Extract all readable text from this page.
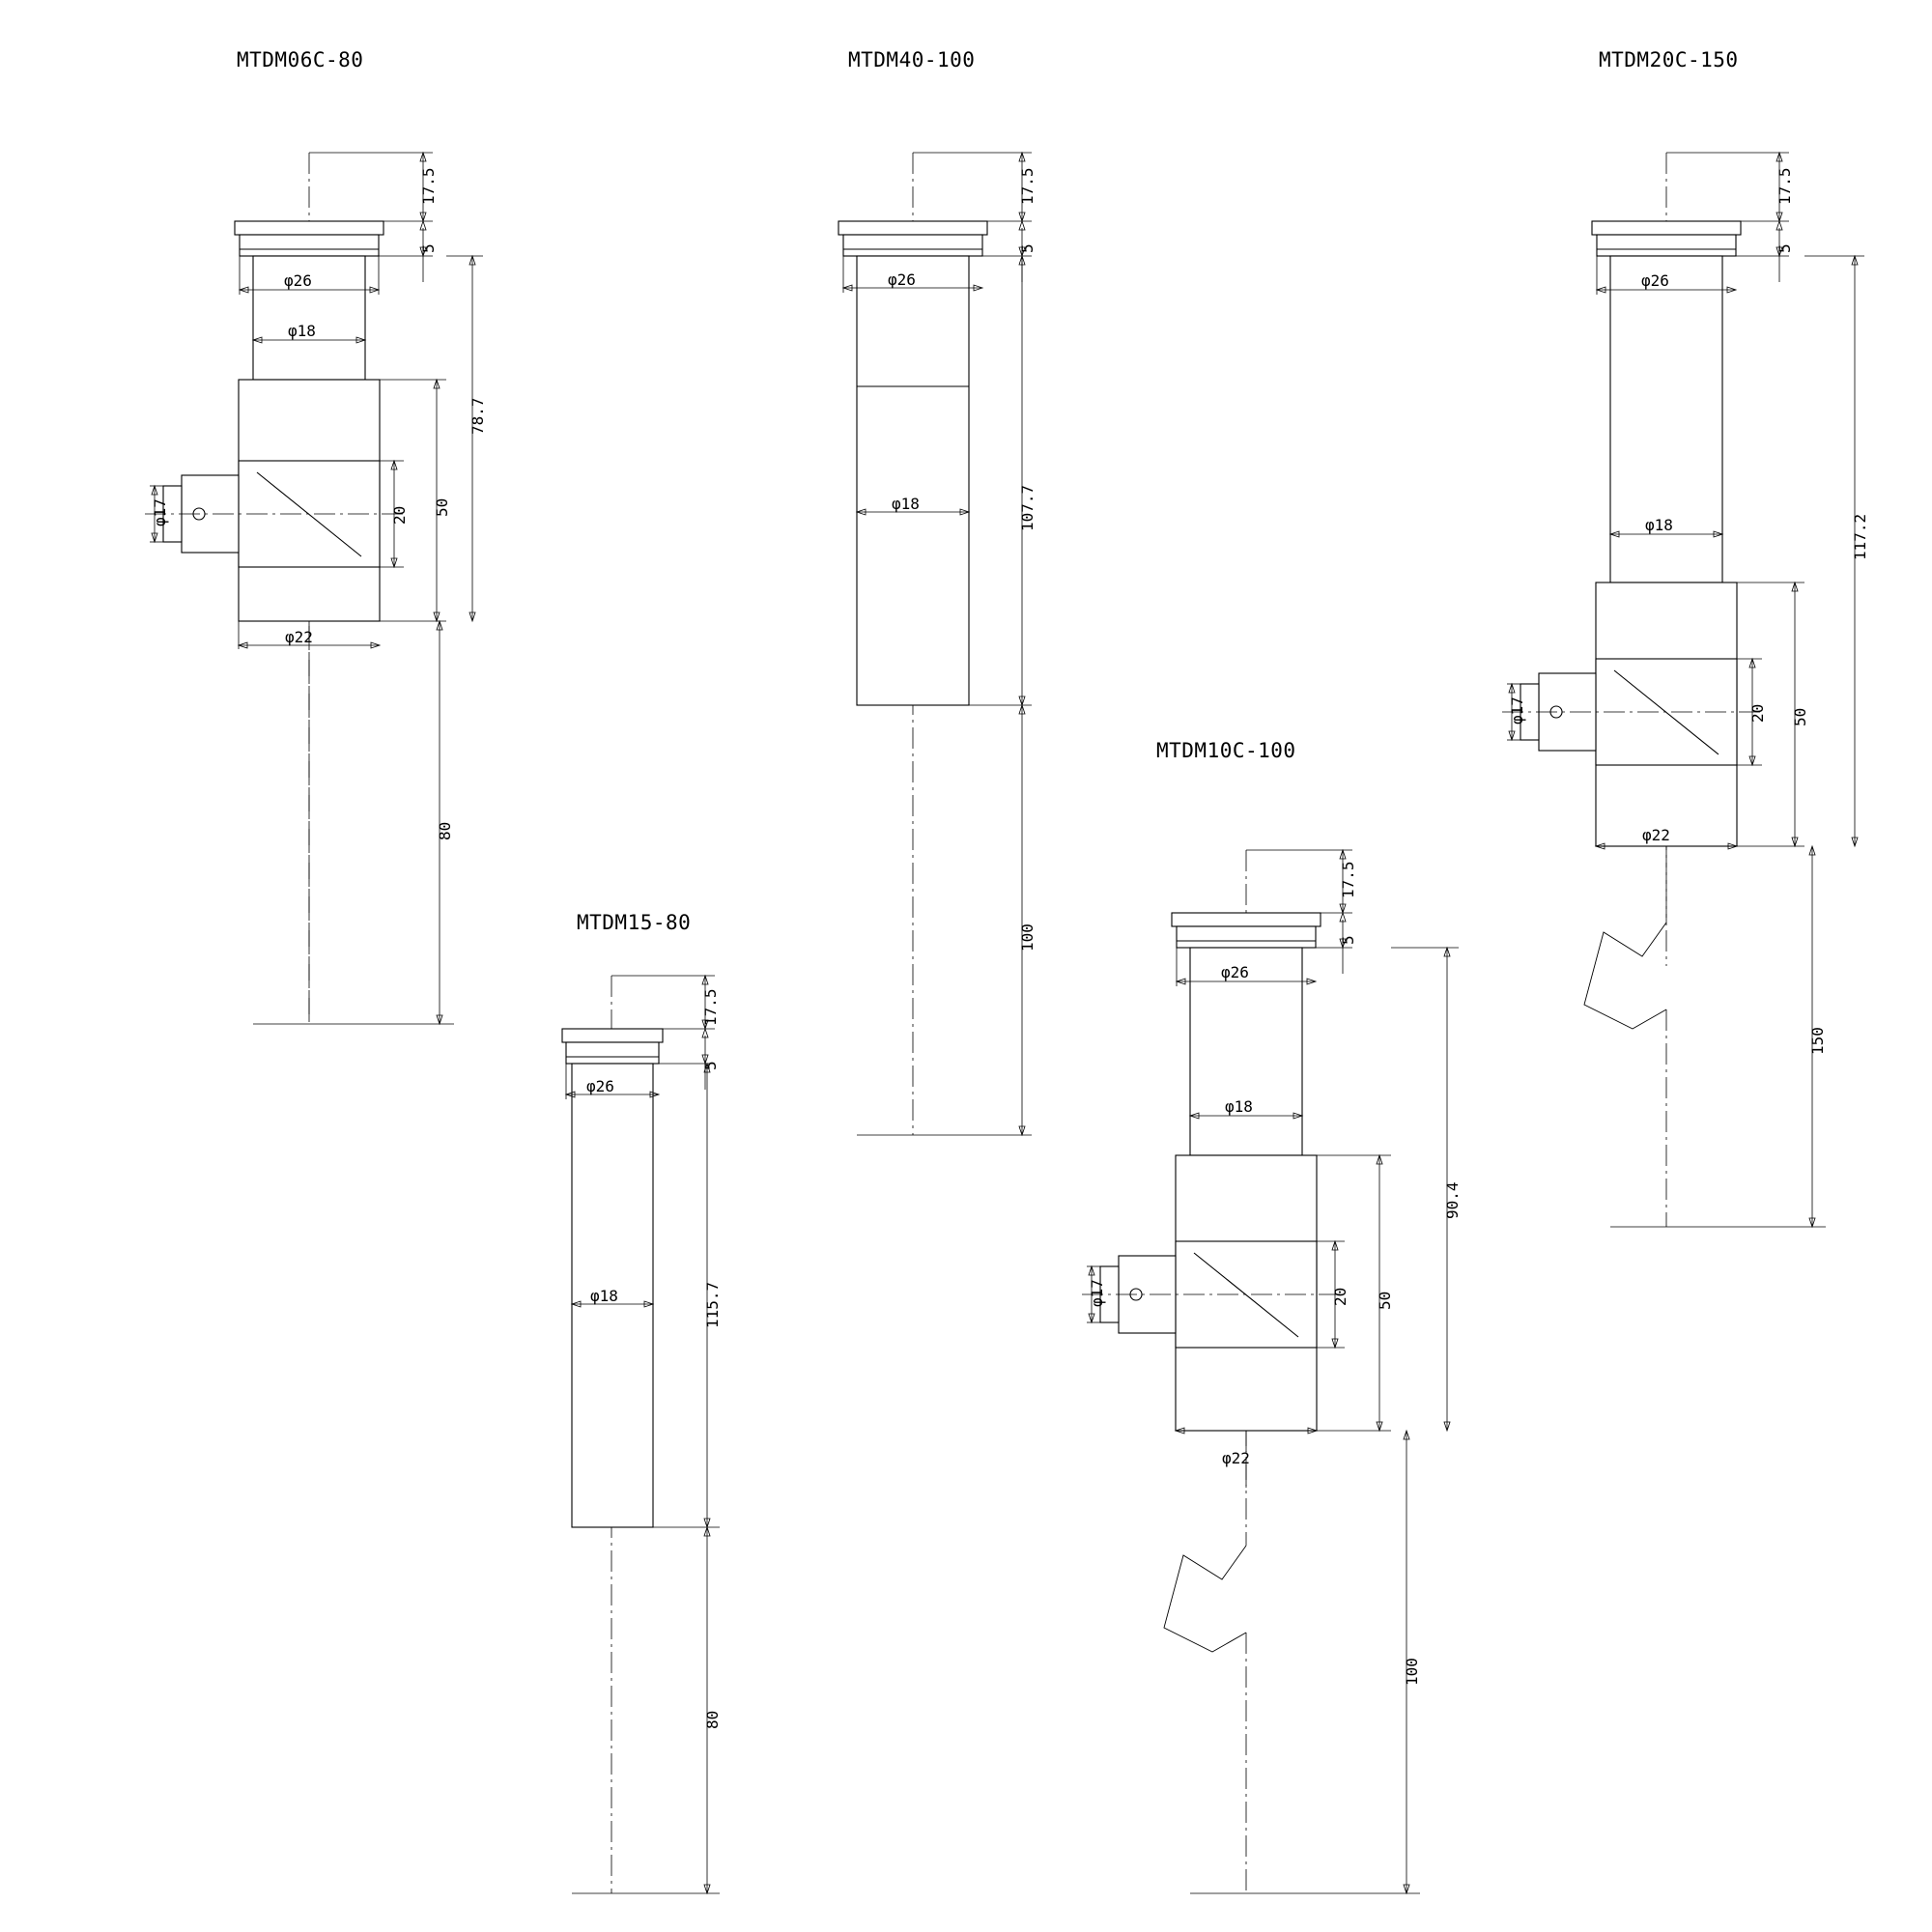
MTDM06C-80	MTDM40-100	MTDM20C-150
MTDM15-80
MTDM10C-100
17.5
5
φ26
φ18
50
20
78.7
φ22
φ17
80
17.5
5
φ26
φ18	107.7
100
17.5
5
φ26
φ18
50
20
117.2
φ22
φ17
150
17.5
5
φ26
φ18	115.7
80
17.5
5
φ26
φ18
50
20
90.4
φ22
φ17
100
